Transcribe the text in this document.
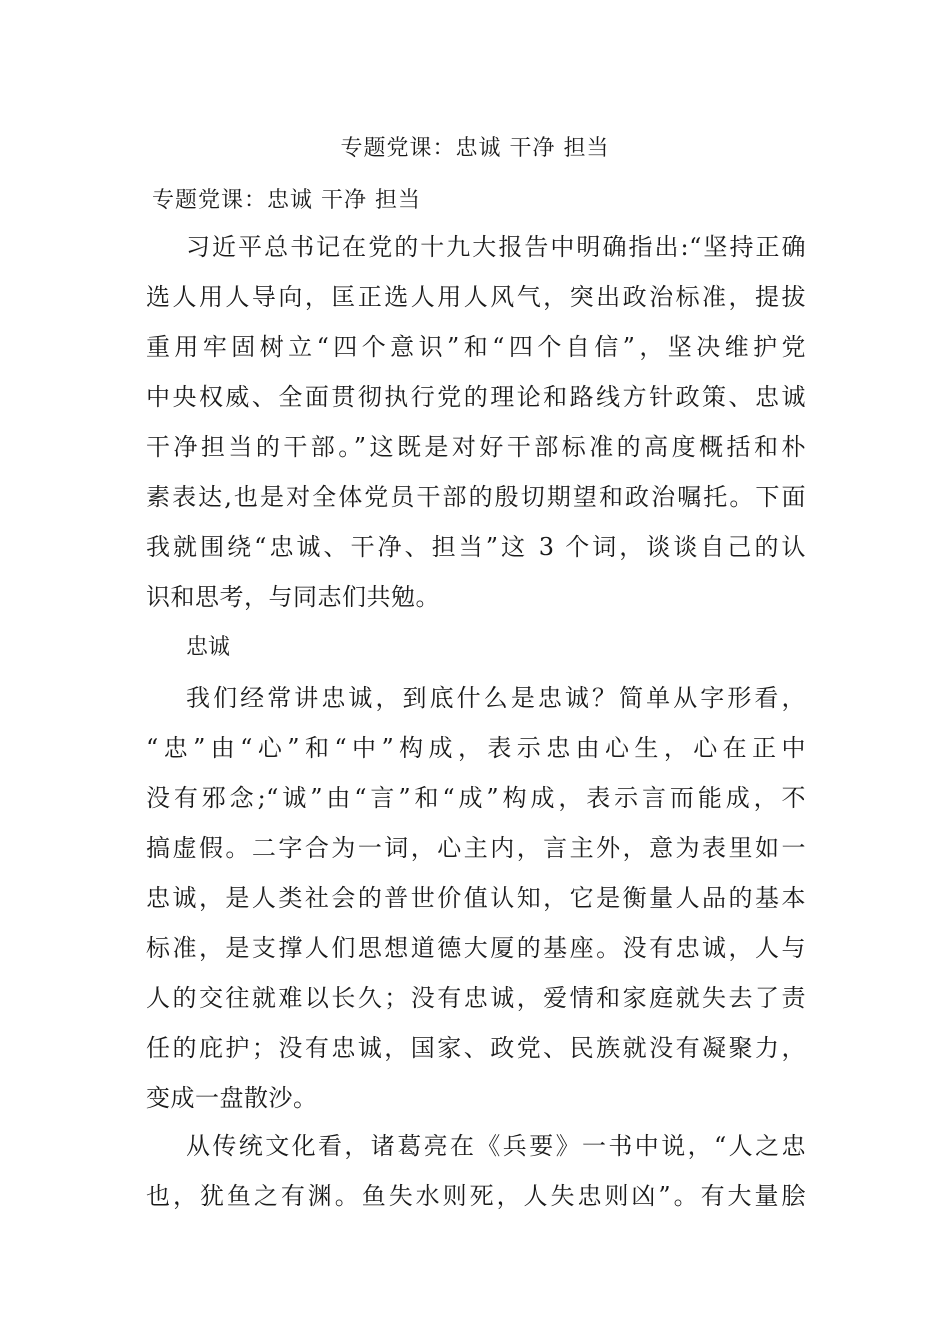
专题党课：忠诚 干净 担当
专题党课：忠诚 干净 担当
习近平总书记在党的十九大报告中明确指出:“坚持正确
选人用人导向，匡正选人用人风气，突出政治标准，提拔
重用牢固树立“四个意识”和“四个自信”，坚决维护党
中央权威、全面贯彻执行党的理论和路线方针政策、忠诚
干净担当的干部。”这既是对好干部标准的高度概括和朴
素表达,也是对全体党员干部的殷切期望和政治嘱托。下面
我就围绕“忠诚、干净、担当”这 3 个词，谈谈自己的认
识和思考，与同志们共勉。
忠诚
我们经常讲忠诚，到底什么是忠诚？简单从字形看，
“忠”由“心”和“中”构成，表示忠由心生，心在正中
没有邪念;“诚”由“言”和“成”构成，表示言而能成，不
搞虚假。二字合为一词，心主内，言主外，意为表里如一
忠诚，是人类社会的普世价值认知，它是衡量人品的基本
标准，是支撑人们思想道德大厦的基座。没有忠诚，人与
人的交往就难以长久；没有忠诚，爱情和家庭就失去了责
任的庇护；没有忠诚，国家、政党、民族就没有凝聚力，
变成一盘散沙。
从传统文化看，诸葛亮在《兵要》一书中说，“人之忠
也，犹鱼之有渊。鱼失水则死，人失忠则凶”。有大量脍
